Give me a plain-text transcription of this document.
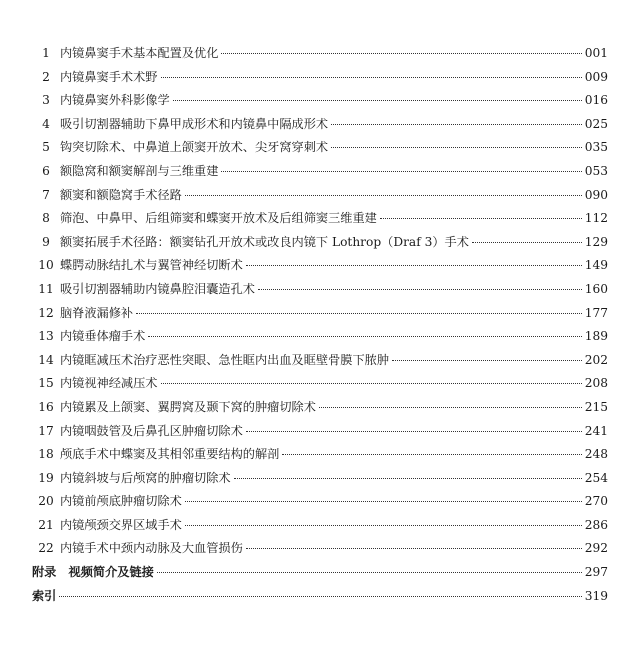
1 内镜鼻窦手术基本配置及优化	001
2 内镜鼻窦手术术野	009
3 内镜鼻窦外科影像学	016
4 吸引切割器辅助下鼻甲成形术和内镜鼻中隔成形术	025
5 钩突切除术、中鼻道上颌窦开放术、尖牙窝穿刺术	035
6 额隐窝和额窦解剖与三维重建	053
7 额窦和额隐窝手术径路	090
8 筛泡、中鼻甲、后组筛窦和蝶窦开放术及后组筛窦三维重建	112
9 额窦拓展手术径路：额窦钻孔开放术或改良内镜下 Lothrop（Draf 3）手术	129
10 蝶腭动脉结扎术与翼管神经切断术	149
11 吸引切割器辅助内镜鼻腔泪囊造孔术	160
12 脑脊液漏修补	177
13 内镜垂体瘤手术	189
14 内镜眶减压术治疗恶性突眼、急性眶内出血及眶壁骨膜下脓肿	202
15 内镜视神经减压术	208
16 内镜累及上颌窦、翼腭窝及颞下窝的肿瘤切除术	215
17 内镜咽鼓管及后鼻孔区肿瘤切除术	241
18 颅底手术中蝶窦及其相邻重要结构的解剖	248
19 内镜斜坡与后颅窝的肿瘤切除术	254
20 内镜前颅底肿瘤切除术	270
21 内镜颅颈交界区域手术	286
22 内镜手术中颈内动脉及大血管损伤	292
附录　视频简介及链接	297
索引	319
